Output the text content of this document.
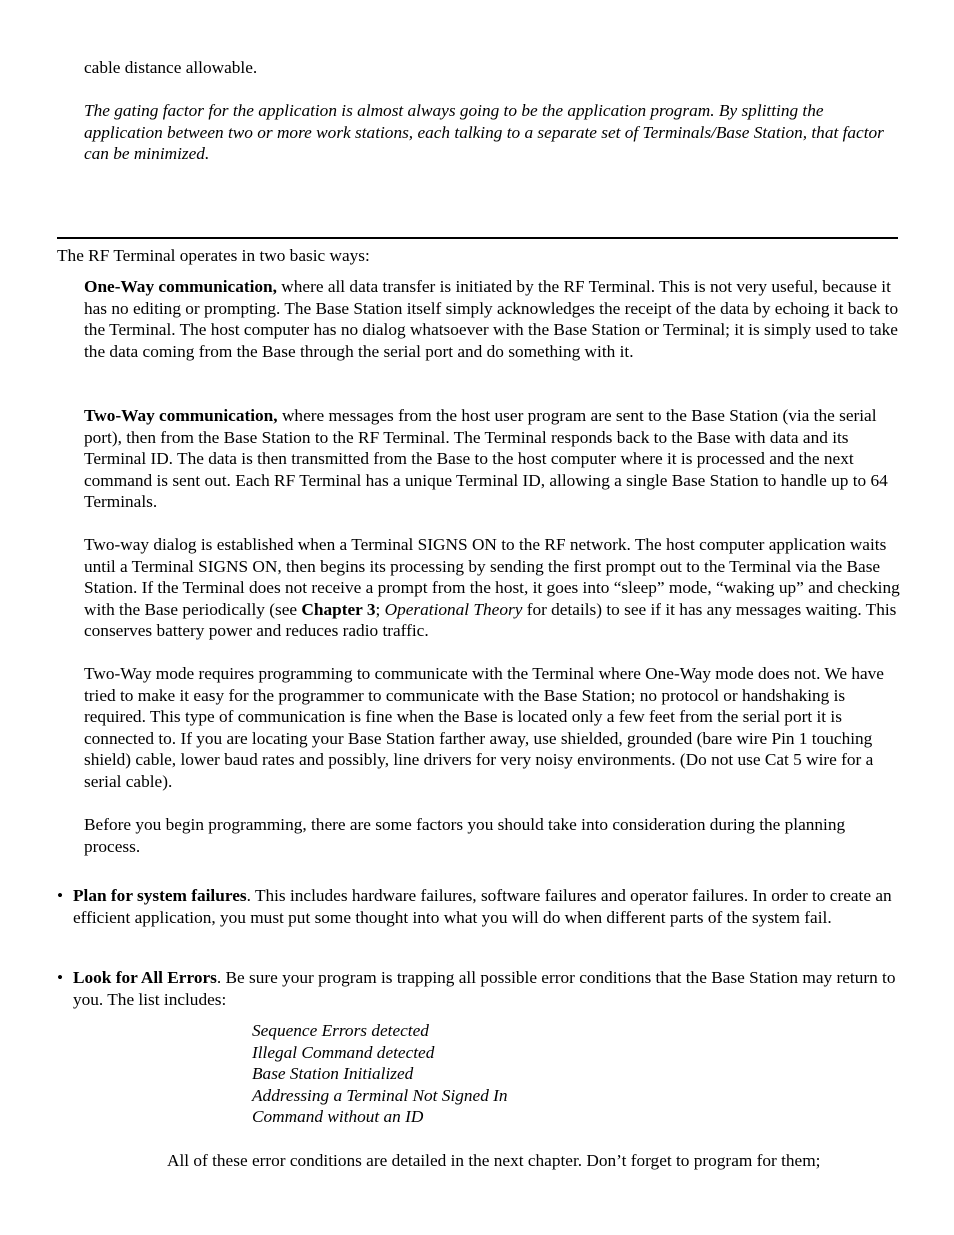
cable distance allowable.

The gating factor for the application is almost always going to be the application program. By splitting the application between two or more work stations, each talking to a separate set of Terminals/Base Station, that factor can be minimized.

The RF Terminal operates in two basic ways:

One-Way communication, where all data transfer is initiated by the RF Terminal. This is not very useful, because it has no editing or prompting. The Base Station itself simply acknowledges the receipt of the data by echoing it back to the Terminal. The host computer has no dialog whatsoever with the Base Station or Terminal; it is simply used to take the data coming from the Base through the serial port and do something with it.

Two-Way communication, where messages from the host user program are sent to the Base Station (via the serial port), then from the Base Station to the RF Terminal. The Terminal responds back to the Base with data and its Terminal ID. The data is then transmitted from the Base to the host computer where it is processed and the next command is sent out. Each RF Terminal has a unique Terminal ID, allowing a single Base Station to handle up to 64 Terminals.

Two-way dialog is established when a Terminal SIGNS ON to the RF network. The host computer application waits until a Terminal SIGNS ON, then begins its processing by sending the first prompt out to the Terminal via the Base Station. If the Terminal does not receive a prompt from the host, it goes into “sleep” mode, “waking up” and checking with the Base periodically (see Chapter 3; Operational Theory for details) to see if it has any messages waiting. This conserves battery power and reduces radio traffic.

Two-Way mode requires programming to communicate with the Terminal where One-Way mode does not. We have tried to make it easy for the programmer to communicate with the Base Station; no protocol or handshaking is required. This type of communication is fine when the Base is located only a few feet from the serial port it is connected to. If you are locating your Base Station farther away, use shielded, grounded (bare wire Pin 1 touching shield) cable, lower baud rates and possibly, line drivers for very noisy environments. (Do not use Cat 5 wire for a serial cable).

Before you begin programming, there are some factors you should take into consideration during the planning process.

• Plan for system failures. This includes hardware failures, software failures and operator failures. In order to create an efficient application, you must put some thought into what you will do when different parts of the system fail.

• Look for All Errors. Be sure your program is trapping all possible error conditions that the Base Station may return to you. The list includes:

Sequence Errors detected
Illegal Command detected
Base Station Initialized
Addressing a Terminal Not Signed In
Command without an ID

All of these error conditions are detailed in the next chapter. Don’t forget to program for them;
